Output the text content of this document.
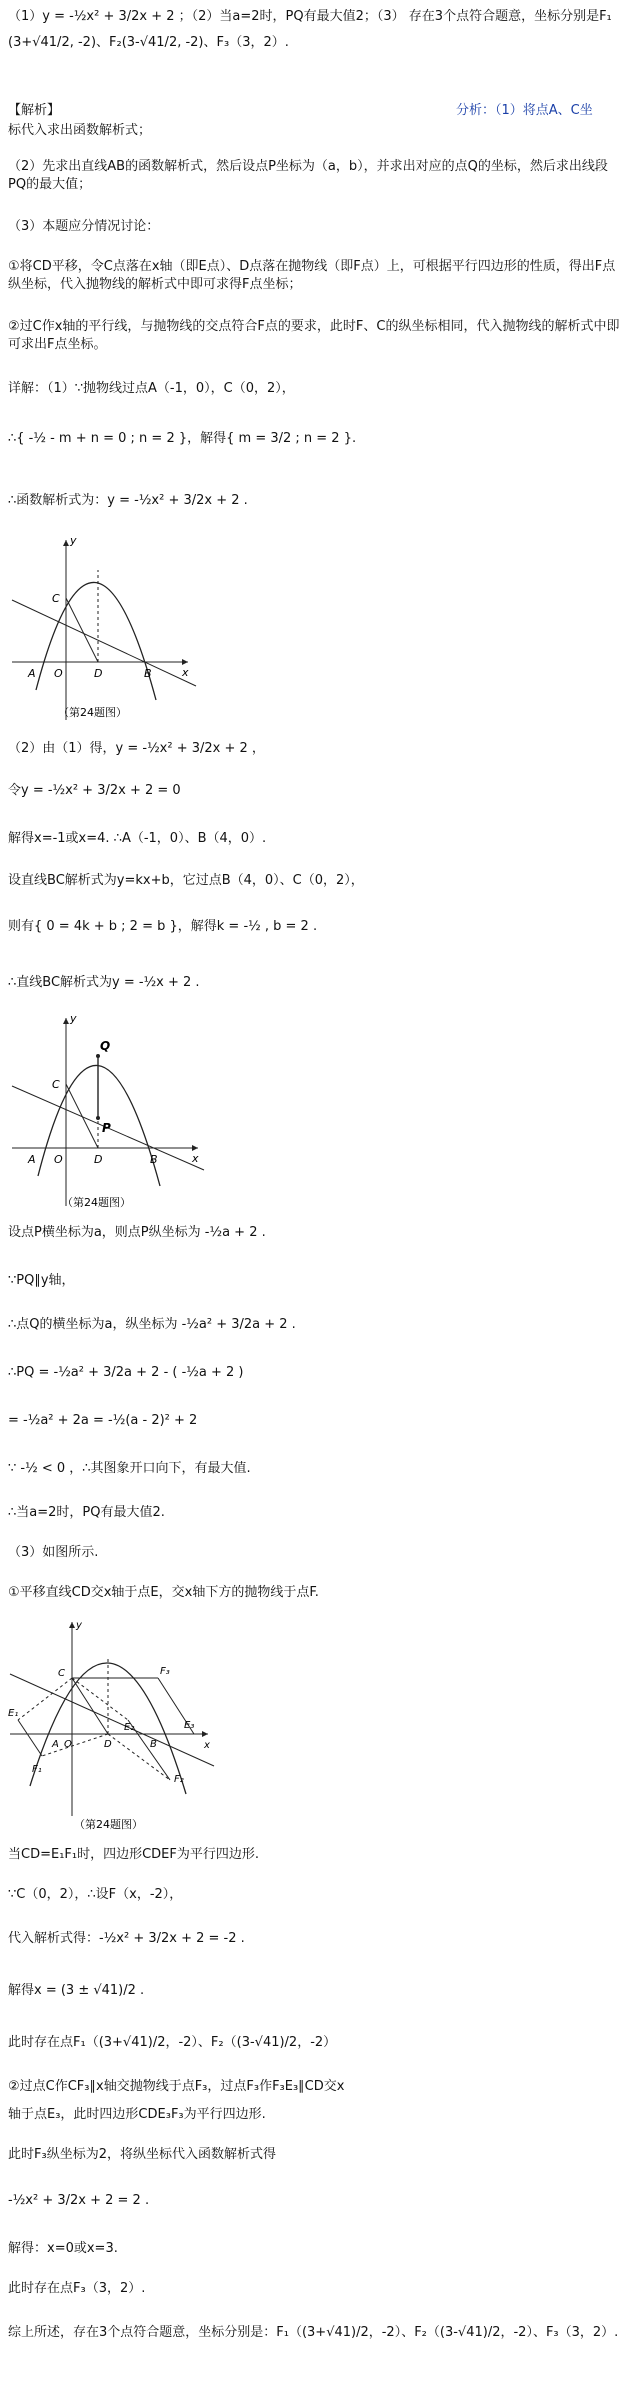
（1）y = -½x² + 3/2x + 2 ；（2）当a=2时，PQ有最大值2；（3） 存在3个点符合题意，坐标分别是F₁
(3+√41/2, -2)、F₂(3-√41/2, -2)、F₃（3，2）.
【解析】	分析：（1）将点A、C坐
标代入求出函数解析式；
（2）先求出直线AB的函数解析式，然后设点P坐标为（a，b），并求出对应的点Q的坐标，然后求出线段PQ的最大值；
（3）本题应分情况讨论：
①将CD平移，令C点落在x轴（即E点）、D点落在抛物线（即F点）上，可根据平行四边形的性质，得出F点纵坐标，代入抛物线的解析式中即可求得F点坐标；
②过C作x轴的平行线，与抛物线的交点符合F点的要求，此时F、C的纵坐标相同，代入抛物线的解析式中即可求出F点坐标。
详解：（1）∵抛物线过点A（-1，0），C（0，2），
∴{ -½ - m + n = 0 ; n = 2 }，解得{ m = 3/2 ; n = 2 }.
∴函数解析式为：y = -½x² + 3/2x + 2 .
A O
C
D	B	x
y
（第24题图）
（2）由（1）得，y = -½x² + 3/2x + 2 ，
令y = -½x² + 3/2x + 2 = 0
解得x=-1或x=4. ∴A（-1，0）、B（4，0）.
设直线BC解析式为y=kx+b，它过点B（4，0）、C（0，2），
则有{ 0 = 4k + b ; 2 = b }，解得k = -½ , b = 2 .
∴直线BC解析式为y = -½x + 2 .
Q
P
A O
C
D	B	x
y
（第24题图）
设点P横坐标为a，则点P纵坐标为 -½a + 2 .
∵PQ∥y轴，
∴点Q的横坐标为a，纵坐标为 -½a² + 3/2a + 2 .
∴PQ = -½a² + 3/2a + 2 - ( -½a + 2 )
= -½a² + 2a = -½(a - 2)² + 2
∵ -½ < 0 ，∴其图象开口向下，有最大值.
∴当a=2时，PQ有最大值2.
（3）如图所示.
①平移直线CD交x轴于点E，交x轴下方的抛物线于点F.
F₃
E₃
E₁
F₁
E₂
F₂
C
A O	D	B	x
y
（第24题图）
当CD=E₁F₁时，四边形CDEF为平行四边形.
∵C（0，2），∴设F（x，-2），
代入解析式得：-½x² + 3/2x + 2 = -2 .
解得x = (3 ± √41)/2 .
此时存在点F₁（(3+√41)/2，-2）、F₂（(3-√41)/2，-2）
②过点C作CF₃∥x轴交抛物线于点F₃，过点F₃作F₃E₃∥CD交x
轴于点E₃，此时四边形CDE₃F₃为平行四边形.
此时F₃纵坐标为2，将纵坐标代入函数解析式得
-½x² + 3/2x + 2 = 2 .
解得：x=0或x=3.
此时存在点F₃（3，2）.
综上所述，存在3个点符合题意，坐标分别是：F₁（(3+√41)/2，-2）、F₂（(3-√41)/2，-2）、F₃（3，2）.
